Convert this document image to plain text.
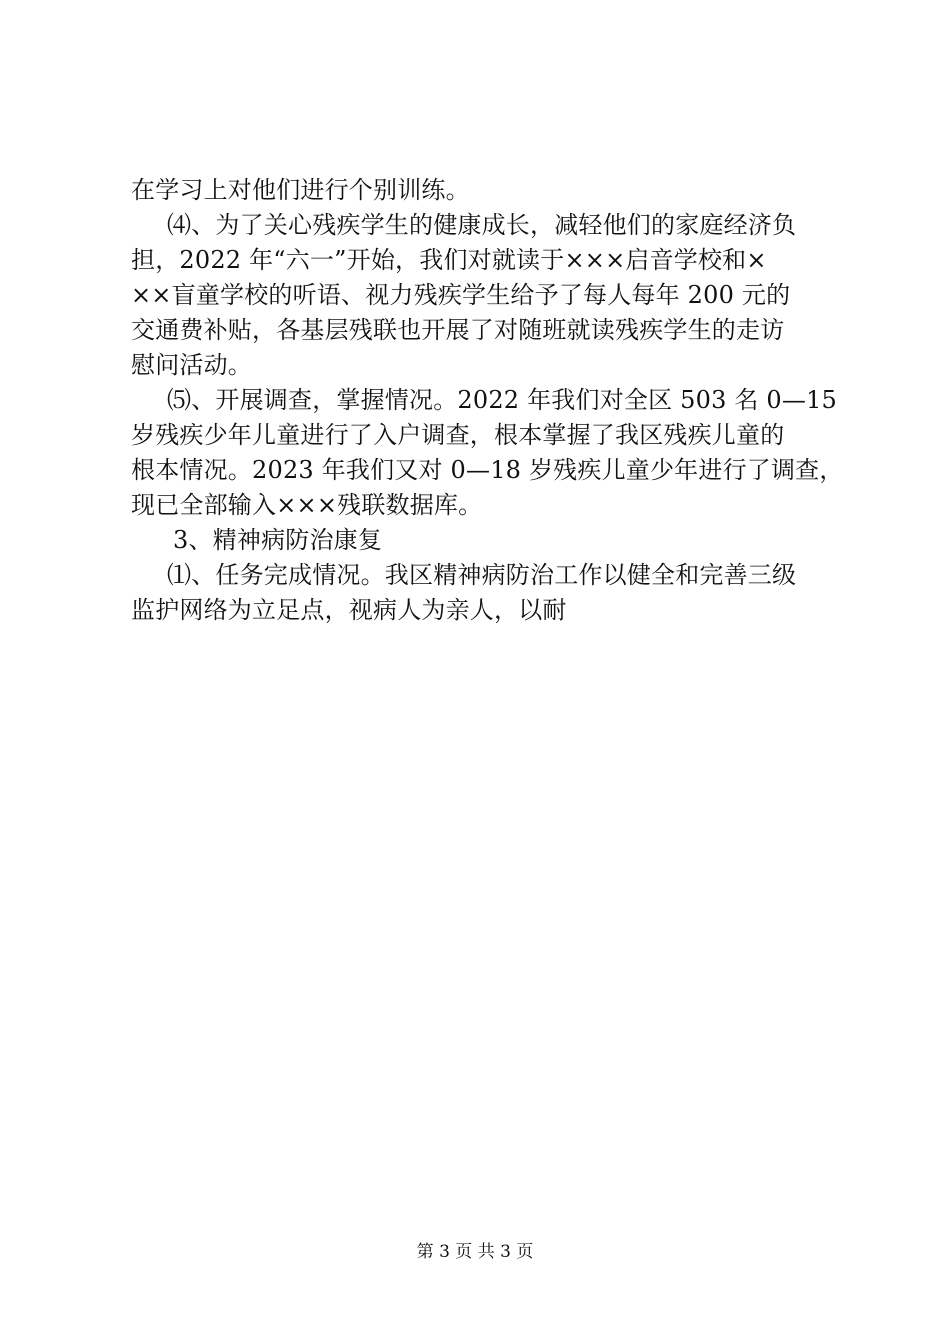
在学习上对他们进行个别训练。
⑷、为了关心残疾学生的健康成长，减轻他们的家庭经济负
担，2022 年“六一”开始，我们对就读于×××启音学校和×
××盲童学校的听语、视力残疾学生给予了每人每年 200 元的
交通费补贴，各基层残联也开展了对随班就读残疾学生的走访
慰问活动。
⑸、开展调查，掌握情况。2022 年我们对全区 503 名 0—15
岁残疾少年儿童进行了入户调查，根本掌握了我区残疾儿童的
根本情况。2023 年我们又对 0—18 岁残疾儿童少年进行了调查，
现已全部输入×××残联数据库。
3、精神病防治康复
⑴、任务完成情况。我区精神病防治工作以健全和完善三级
监护网络为立足点，视病人为亲人，以耐
第 3 页 共 3 页
